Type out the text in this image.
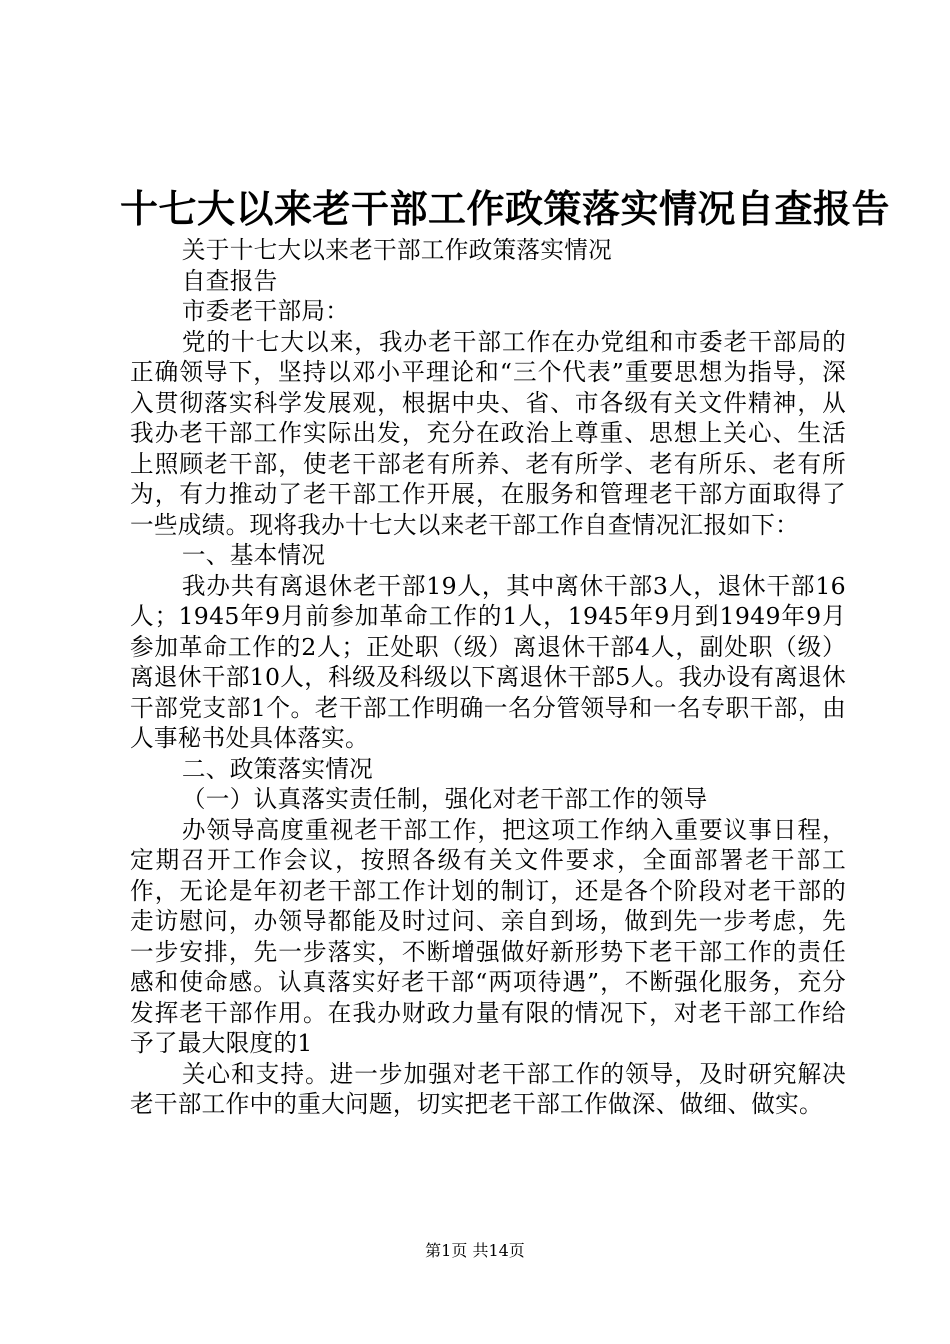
十七大以来老干部工作政策落实情况自查报告

关于十七大以来老干部工作政策落实情况

自查报告

市委老干部局：

党的十七大以来，我办老干部工作在办党组和市委老干部局的正确领导下，坚持以邓小平理论和“三个代表”重要思想为指导，深入贯彻落实科学发展观，根据中央、省、市各级有关文件精神，从我办老干部工作实际出发，充分在政治上尊重、思想上关心、生活上照顾老干部，使老干部老有所养、老有所学、老有所乐、老有所为，有力推动了老干部工作开展，在服务和管理老干部方面取得了一些成绩。现将我办十七大以来老干部工作自查情况汇报如下：

一、基本情况

我办共有离退休老干部19人，其中离休干部3人，退休干部16人；1945年9月前参加革命工作的1人，1945年9月到1949年9月参加革命工作的2人；正处职（级）离退休干部4人，副处职（级）离退休干部10人，科级及科级以下离退休干部5人。我办设有离退休干部党支部1个。老干部工作明确一名分管领导和一名专职干部，由人事秘书处具体落实。

二、政策落实情况

（一）认真落实责任制，强化对老干部工作的领导

办领导高度重视老干部工作，把这项工作纳入重要议事日程，定期召开工作会议，按照各级有关文件要求，全面部署老干部工作，无论是年初老干部工作计划的制订，还是各个阶段对老干部的走访慰问，办领导都能及时过问、亲自到场，做到先一步考虑，先一步安排，先一步落实，不断增强做好新形势下老干部工作的责任感和使命感。认真落实好老干部“两项待遇”，不断强化服务，充分发挥老干部作用。在我办财政力量有限的情况下，对老干部工作给予了最大限度的1

关心和支持。进一步加强对老干部工作的领导，及时研究解决老干部工作中的重大问题，切实把老干部工作做深、做细、做实。

第1页 共14页
